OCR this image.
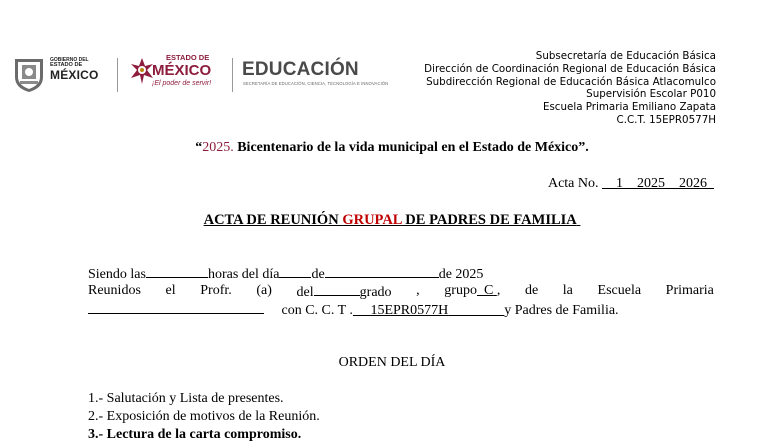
GOBIERNO DEL
ESTADO DE
MÉXICO
ESTADO DE
MÉXICO
¡El poder de servir!
EDUCACIÓN
SECRETARÍA DE EDUCACIÓN, CIENCIA, TECNOLOGÍA E INNOVACIÓN
Subsecretaría de Educación Básica
Dirección de Coordinación Regional de Educación Básica
Subdirección Regional de Educación Básica Atlacomulco
Supervisión Escolar P010
Escuela Primaria Emiliano Zapata
C.C.T. 15EPR0577H
“2025. Bicentenario de la vida municipal en el Estado de México”.
Acta No. 1 2025 2026
ACTA DE REUNIÓN GRUPAL DE PADRES DE FAMILIA
Siendo las	horas del día de	de 2025
Reunidos el Profr. (a) del	grado , grupo C , de la Escuela Primaria
con C. C. T . 15EPR0577H	y Padres de Familia.
ORDEN DEL DÍA
1.- Salutación y Lista de presentes.
2.- Exposición de motivos de la Reunión.
3.- Lectura de la carta compromiso.
